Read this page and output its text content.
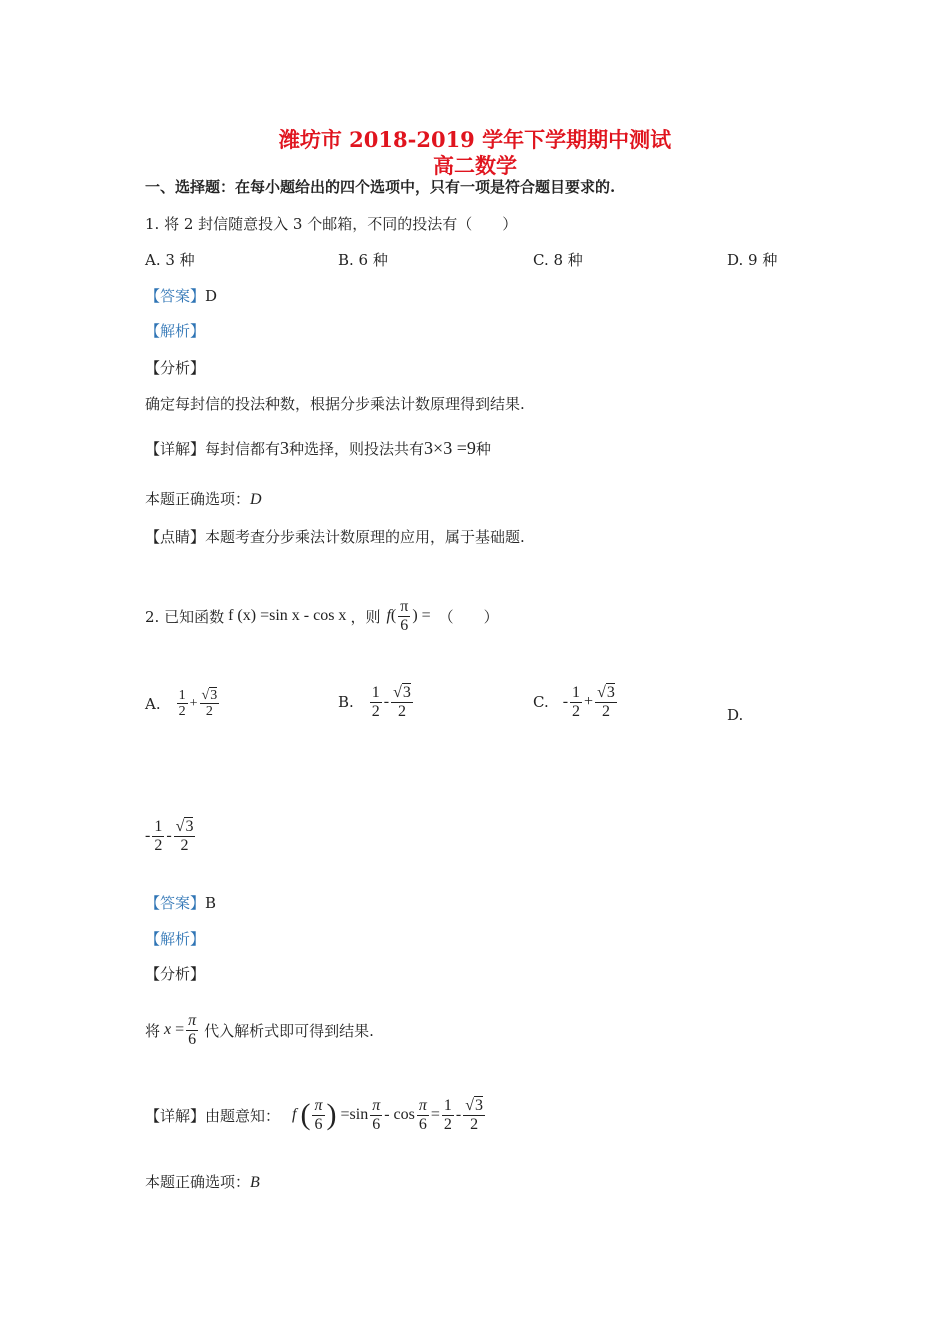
潍坊市 2018-2019 学年下学期期中测试
高二数学
一、选择题：在每小题给出的四个选项中，只有一项是符合题目要求的.
1. 将 2 封信随意投入 3 个邮箱，不同的投法有（　　）
A. 3 种	B. 6 种	C. 8 种	D. 9 种
【答案】D
【解析】
【分析】
确定每封信的投法种数，根据分步乘法计数原理得到结果.
【详解】每封信都有3种选择，则投法共有3×3 =9种
本题正确选项：D
【点睛】本题考查分步乘法计数原理的应用，属于基础题.
2. 已知函数 f (x) =sin x - cos x ，则 f ( $\frac{\pi}{6}$ ) = （　　）
A. $\frac{1}{2} + \frac{√3}{2}$	B. $\frac{1}{2} - \frac{√3}{2}$	C. - $\frac{1}{2} + \frac{√3}{2}$	D.
- $\frac{1}{2} - \frac{√3}{2}$
【答案】B
【解析】
【分析】
将 $x = \frac{\pi}{6}$ 代入解析式即可得到结果.
【详解】 由题意知： f
( $\frac{\pi}{6}$ ) $=\sin \frac{\pi}{6} - \cos \frac{\pi}{6} = \frac{1}{2} - \frac{√3}{2}$
本题正确选项：B
